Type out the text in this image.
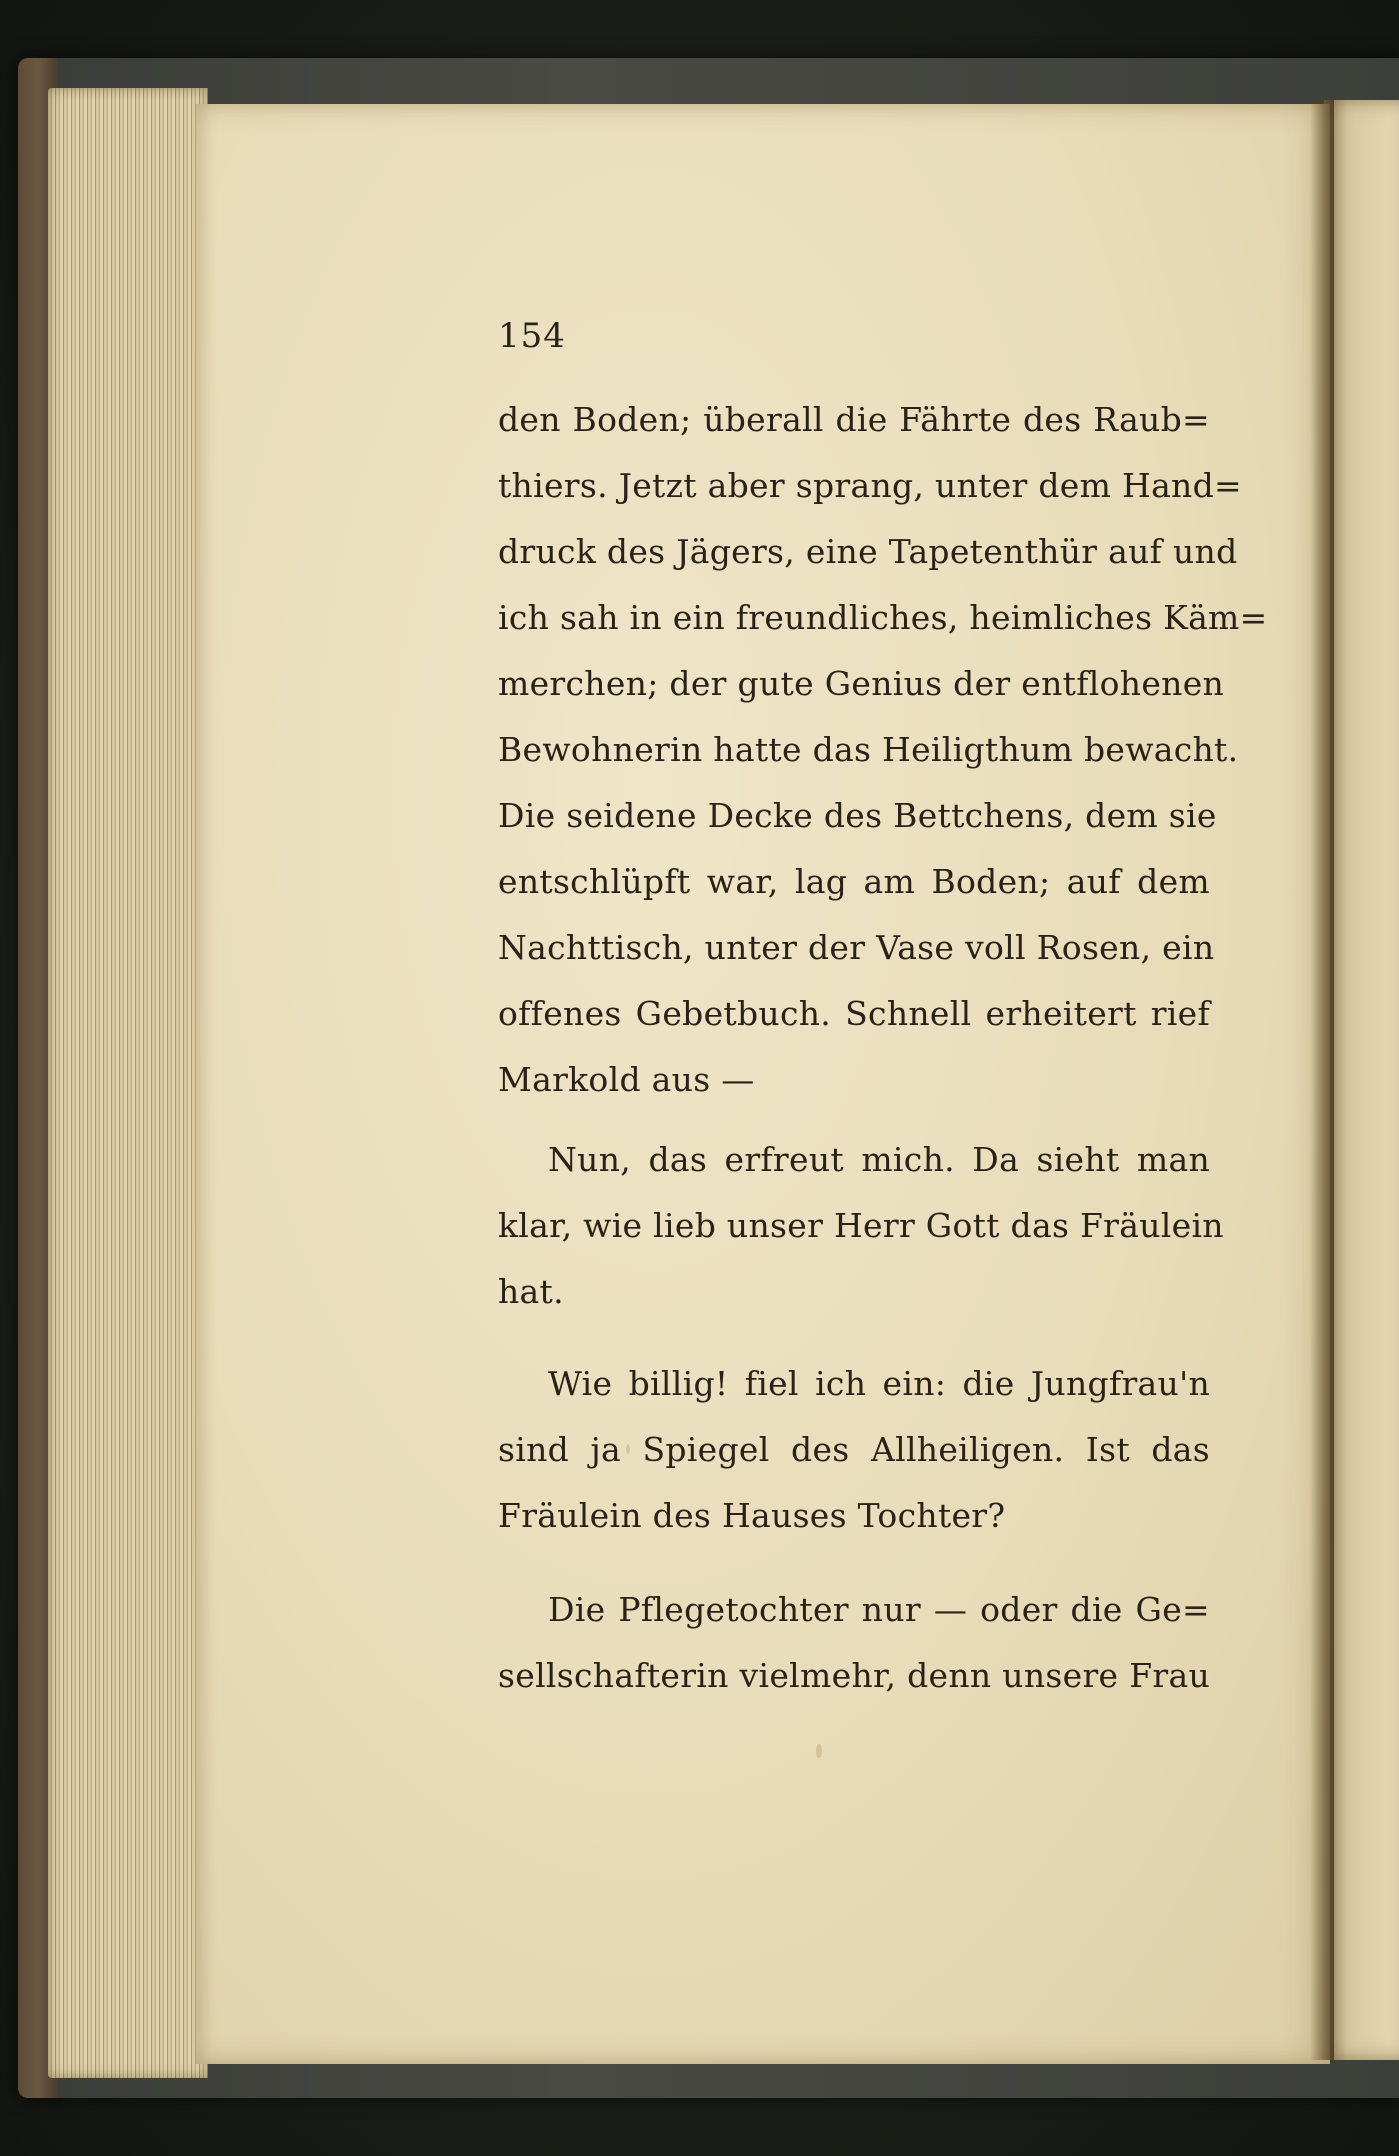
154
den Boden; überall die Fährte des Raub=
thiers. Jetzt aber sprang, unter dem Hand=
druck des Jägers, eine Tapetenthür auf und
ich sah in ein freundliches, heimliches Käm=
merchen; der gute Genius der entflohenen
Bewohnerin hatte das Heiligthum bewacht.
Die seidene Decke des Bettchens, dem sie
entschlüpft war, lag am Boden; auf dem
Nachttisch, unter der Vase voll Rosen, ein
offenes Gebetbuch. Schnell erheitert rief
Markold aus —
Nun, das erfreut mich. Da sieht man
klar, wie lieb unser Herr Gott das Fräulein
hat.
Wie billig! fiel ich ein: die Jungfrau'n
sind ja Spiegel des Allheiligen. Ist das
Fräulein des Hauses Tochter?
Die Pflegetochter nur — oder die Ge=
sellschafterin vielmehr, denn unsere Frau
